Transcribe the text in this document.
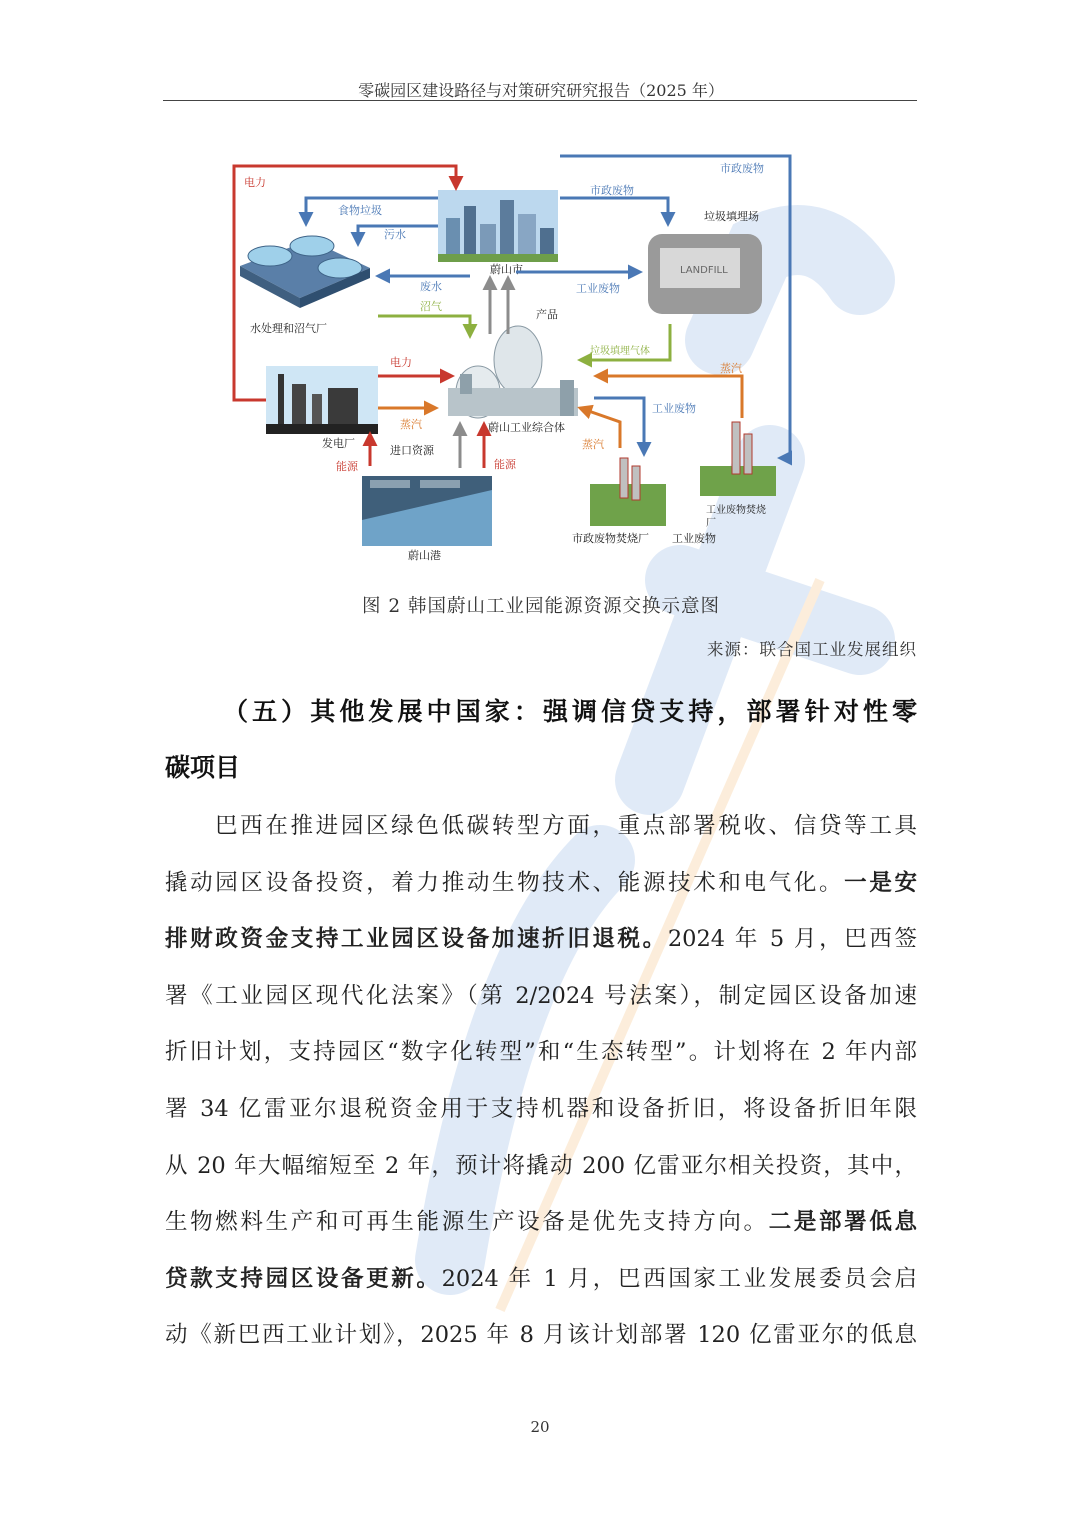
零碳园区建设路径与对策研究研究报告（2025 年）
蔚山市
水处理和沼气厂
LANDFILL
垃圾填埋场
发电厂
蔚山工业综合体
蔚山港
市政废物焚烧厂 工业废物
工业废物焚烧
厂
电力
食物垃圾
污水
废水
沼气
产品
市政废物
市政废物
工业废物
垃圾填埋气体
电力
蒸汽
蒸汽
蒸汽
工业废物
能源
进口资源
能源
图 2 韩国蔚山工业园能源资源交换示意图
来源：联合国工业发展组织
（五）其他发展中国家：强调信贷支持，部署针对性零
碳项目
巴西在推进园区绿色低碳转型方面，重点部署税收、信贷等工具
撬动园区设备投资，着力推动生物技术、能源技术和电气化。一是安
排财政资金支持工业园区设备加速折旧退税。2024 年 5 月，巴西签
署《工业园区现代化法案》（第 2/2024 号法案），制定园区设备加速
折旧计划，支持园区“数字化转型”和“生态转型”。计划将在 2 年内部
署 34 亿雷亚尔退税资金用于支持机器和设备折旧，将设备折旧年限
从 20 年大幅缩短至 2 年，预计将撬动 200 亿雷亚尔相关投资，其中，
生物燃料生产和可再生能源生产设备是优先支持方向。二是部署低息
贷款支持园区设备更新。2024 年 1 月，巴西国家工业发展委员会启
动《新巴西工业计划》，2025 年 8 月该计划部署 120 亿雷亚尔的低息
20
